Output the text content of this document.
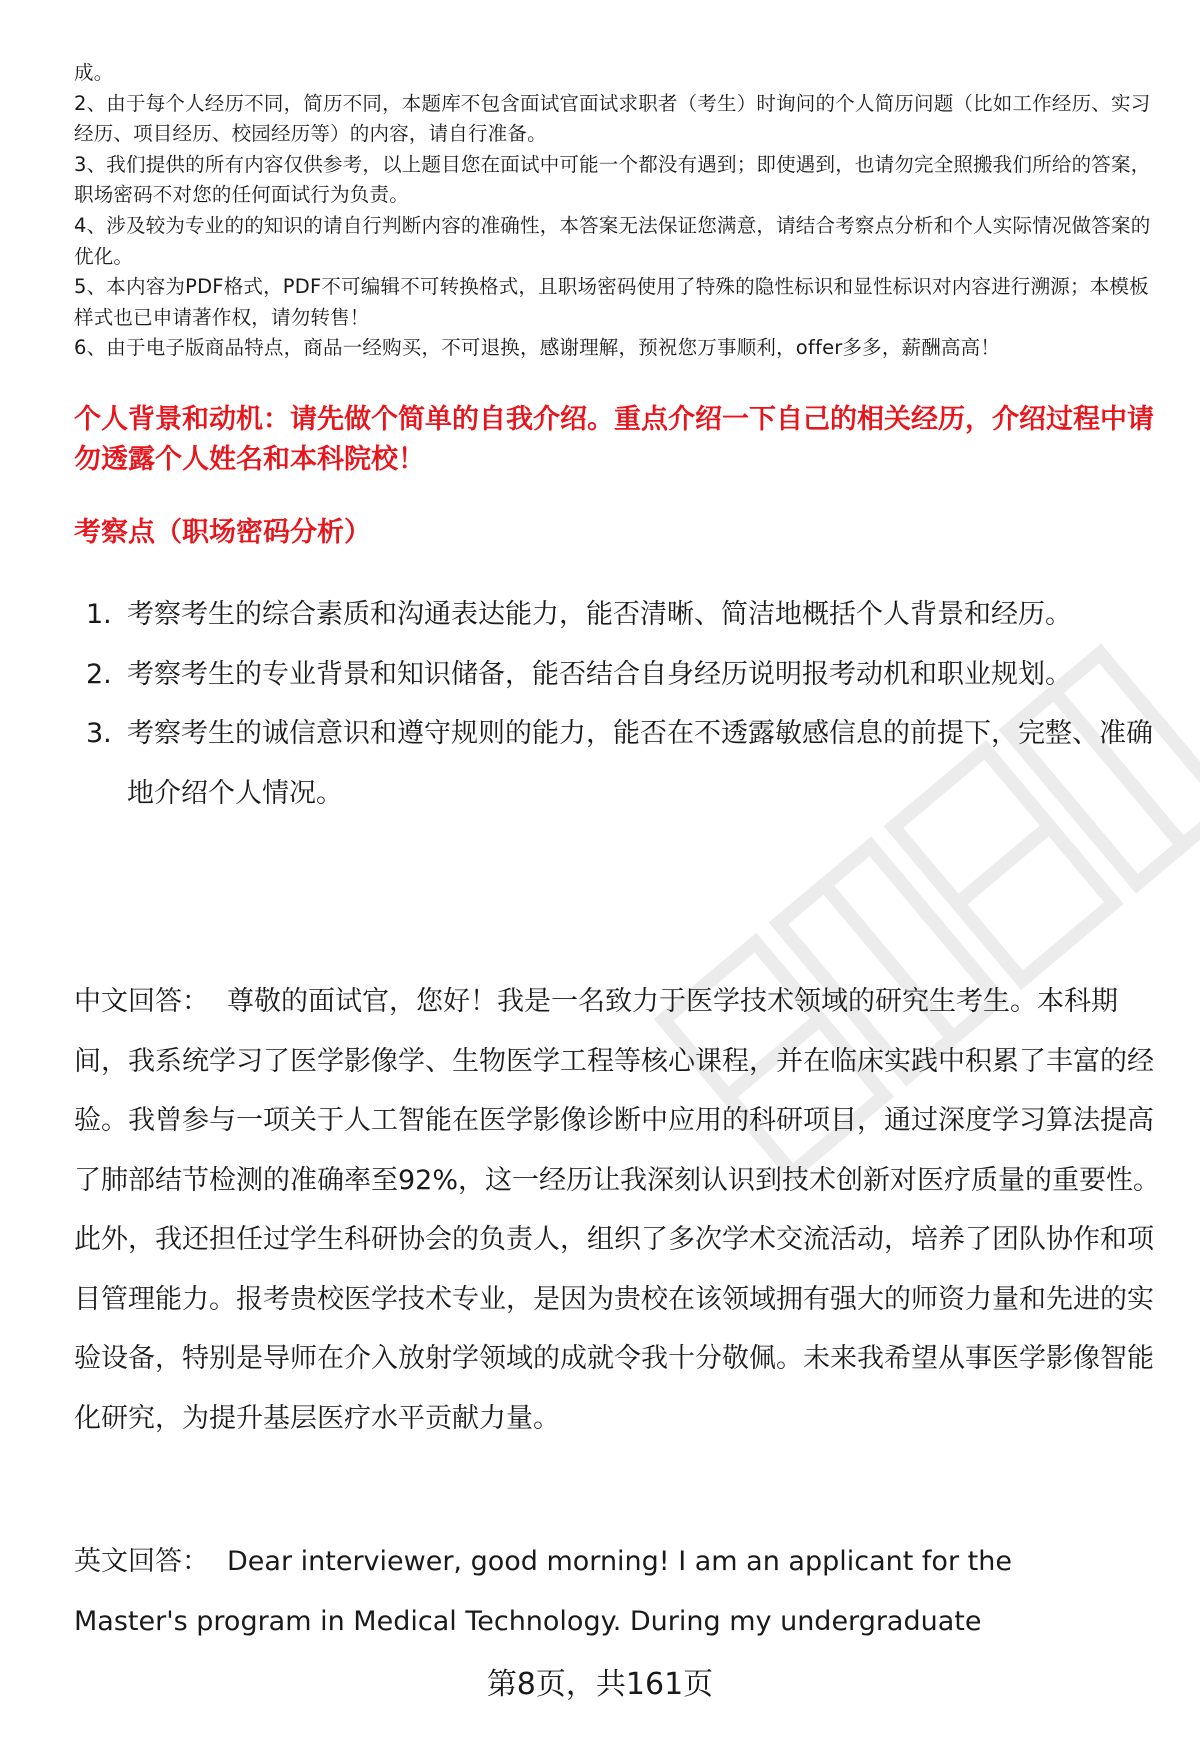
成。

2、由于每个人经历不同，简历不同，本题库不包含面试官面试求职者（考生）时询问的个人简历问题（比如工作经历、实习经历、项目经历、校园经历等）的内容，请自行准备。

3、我们提供的所有内容仅供参考，以上题目您在面试中可能一个都没有遇到；即使遇到，也请勿完全照搬我们所给的答案，职场密码不对您的任何面试行为负责。

4、涉及较为专业的的知识的请自行判断内容的准确性，本答案无法保证您满意，请结合考察点分析和个人实际情况做答案的优化。

5、本内容为PDF格式，PDF不可编辑不可转换格式，且职场密码使用了特殊的隐性标识和显性标识对内容进行溯源；本模板样式也已申请著作权，请勿转售！

6、由于电子版商品特点，商品一经购买，不可退换，感谢理解，预祝您万事顺利，offer多多，薪酬高高！

个人背景和动机：请先做个简单的自我介绍。重点介绍一下自己的相关经历，介绍过程中请勿透露个人姓名和本科院校！
考察点（职场密码分析）
1. 考察考生的综合素质和沟通表达能力，能否清晰、简洁地概括个人背景和经历。
2. 考察考生的专业背景和知识储备，能否结合自身经历说明报考动机和职业规划。
3. 考察考生的诚信意识和遵守规则的能力，能否在不透露敏感信息的前提下，完整、准确地介绍个人情况。

中文回答： 尊敬的面试官，您好！我是一名致力于医学技术领域的研究生考生。本科期间，我系统学习了医学影像学、生物医学工程等核心课程，并在临床实践中积累了丰富的经验。我曾参与一项关于人工智能在医学影像诊断中应用的科研项目，通过深度学习算法提高了肺部结节检测的准确率至92%，这一经历让我深刻认识到技术创新对医疗质量的重要性。此外，我还担任过学生科研协会的负责人，组织了多次学术交流活动，培养了团队协作和项目管理能力。报考贵校医学技术专业，是因为贵校在该领域拥有强大的师资力量和先进的实验设备，特别是导师在介入放射学领域的成就令我十分敬佩。未来我希望从事医学影像智能化研究，为提升基层医疗水平贡献力量。

英文回答： Dear interviewer, good morning! I am an applicant for the Master's program in Medical Technology. During my undergraduate

第8页，共161页
